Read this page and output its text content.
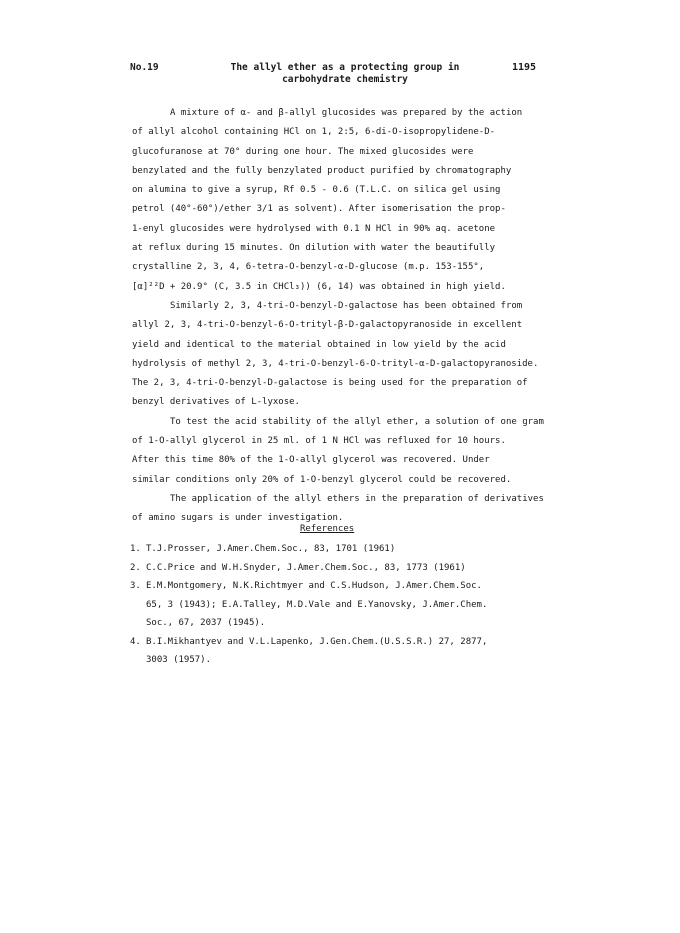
No.19	The allyl ether as a protecting group in
carbohydrate chemistry
1195

A mixture of α- and β-allyl glucosides was prepared by the action
of allyl alcohol containing HCl on 1, 2:5, 6-di-O-isopropylidene-D-
glucofuranose at 70° during one hour. The mixed glucosides were
benzylated and the fully benzylated product purified by chromatography
on alumina to give a syrup, Rf 0.5 - 0.6 (T.L.C. on silica gel using
petrol (40°-60°)/ether 3/1 as solvent). After isomerisation the prop-
1-enyl glucosides were hydrolysed with 0.1 N HCl in 90% aq. acetone
at reflux during 15 minutes. On dilution with water the beautifully
crystalline 2, 3, 4, 6-tetra-O-benzyl-α-D-glucose (m.p. 153-155°,
[α]²²D + 20.9° (C, 3.5 in CHCl₃)) (6, 14) was obtained in high yield.

Similarly 2, 3, 4-tri-O-benzyl-D-galactose has been obtained from
allyl 2, 3, 4-tri-O-benzyl-6-O-trityl-β-D-galactopyranoside in excellent
yield and identical to the material obtained in low yield by the acid
hydrolysis of methyl 2, 3, 4-tri-O-benzyl-6-O-trityl-α-D-galactopyranoside.
The 2, 3, 4-tri-O-benzyl-D-galactose is being used for the preparation of
benzyl derivatives of L-lyxose.

To test the acid stability of the allyl ether, a solution of one gram
of 1-O-allyl glycerol in 25 ml. of 1 N HCl was refluxed for 10 hours.
After this time 80% of the 1-O-allyl glycerol was recovered. Under
similar conditions only 20% of 1-O-benzyl glycerol could be recovered.

The application of the allyl ethers in the preparation of derivatives
of amino sugars is under investigation.

References
1. T.J.Prosser, J.Amer.Chem.Soc., 83, 1701 (1961)
2. C.C.Price and W.H.Snyder, J.Amer.Chem.Soc., 83, 1773 (1961)
3. E.M.Montgomery, N.K.Richtmyer and C.S.Hudson, J.Amer.Chem.Soc.
65, 3 (1943); E.A.Talley, M.D.Vale and E.Yanovsky, J.Amer.Chem.
Soc., 67, 2037 (1945).
4. B.I.Mikhantyev and V.L.Lapenko, J.Gen.Chem.(U.S.S.R.) 27, 2877,
3003 (1957).
